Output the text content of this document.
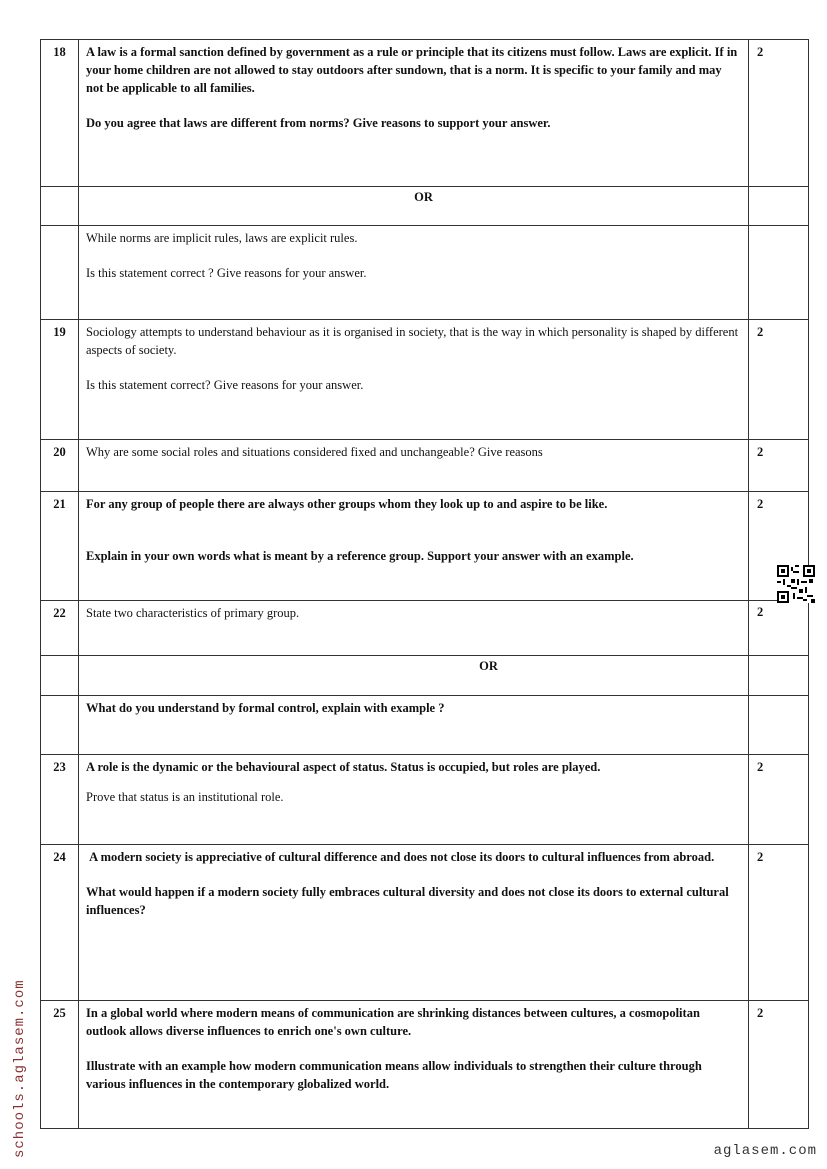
18	A law is a formal sanction defined by government as a rule or principle that its citizens must follow. Laws are explicit. If in your home children are not allowed to stay outdoors after sundown, that is a norm. It is specific to your family and may not be applicable to all families.

Do you agree that laws are different from norms? Give reasons to support your answer.	2

	OR	

	While norms are implicit rules, laws are explicit rules.

Is this statement correct ? Give reasons for your answer.	

19	Sociology attempts to understand behaviour as it is organised in society, that is the way in which personality is shaped by different aspects of society.

Is this statement correct? Give reasons for your answer.	2

20	Why are some social roles and situations considered fixed and unchangeable? Give reasons	2

21	For any group of people there are always other groups whom they look up to and aspire to be like.

Explain in your own words what is meant by a reference group. Support your answer with an example.	2

22	State two characteristics of primary group.	2

	OR	

	What do you understand by formal control, explain with example ?	

23	A role is the dynamic or the behavioural aspect of status. Status is occupied, but roles are played.

Prove that status is an institutional role.	2

24	A modern society is appreciative of cultural difference and does not close its doors to cultural influences from abroad.

What would happen if a modern society fully embraces cultural diversity and does not close its doors to external cultural influences?	2

25	In a global world where modern means of communication are shrinking distances between cultures, a cosmopolitan outlook allows diverse influences to enrich one's own culture.

Illustrate with an example how modern communication means allow individuals to strengthen their culture through various influences in the contemporary globalized world.	2
schools.aglasem.com	aglasem.com
